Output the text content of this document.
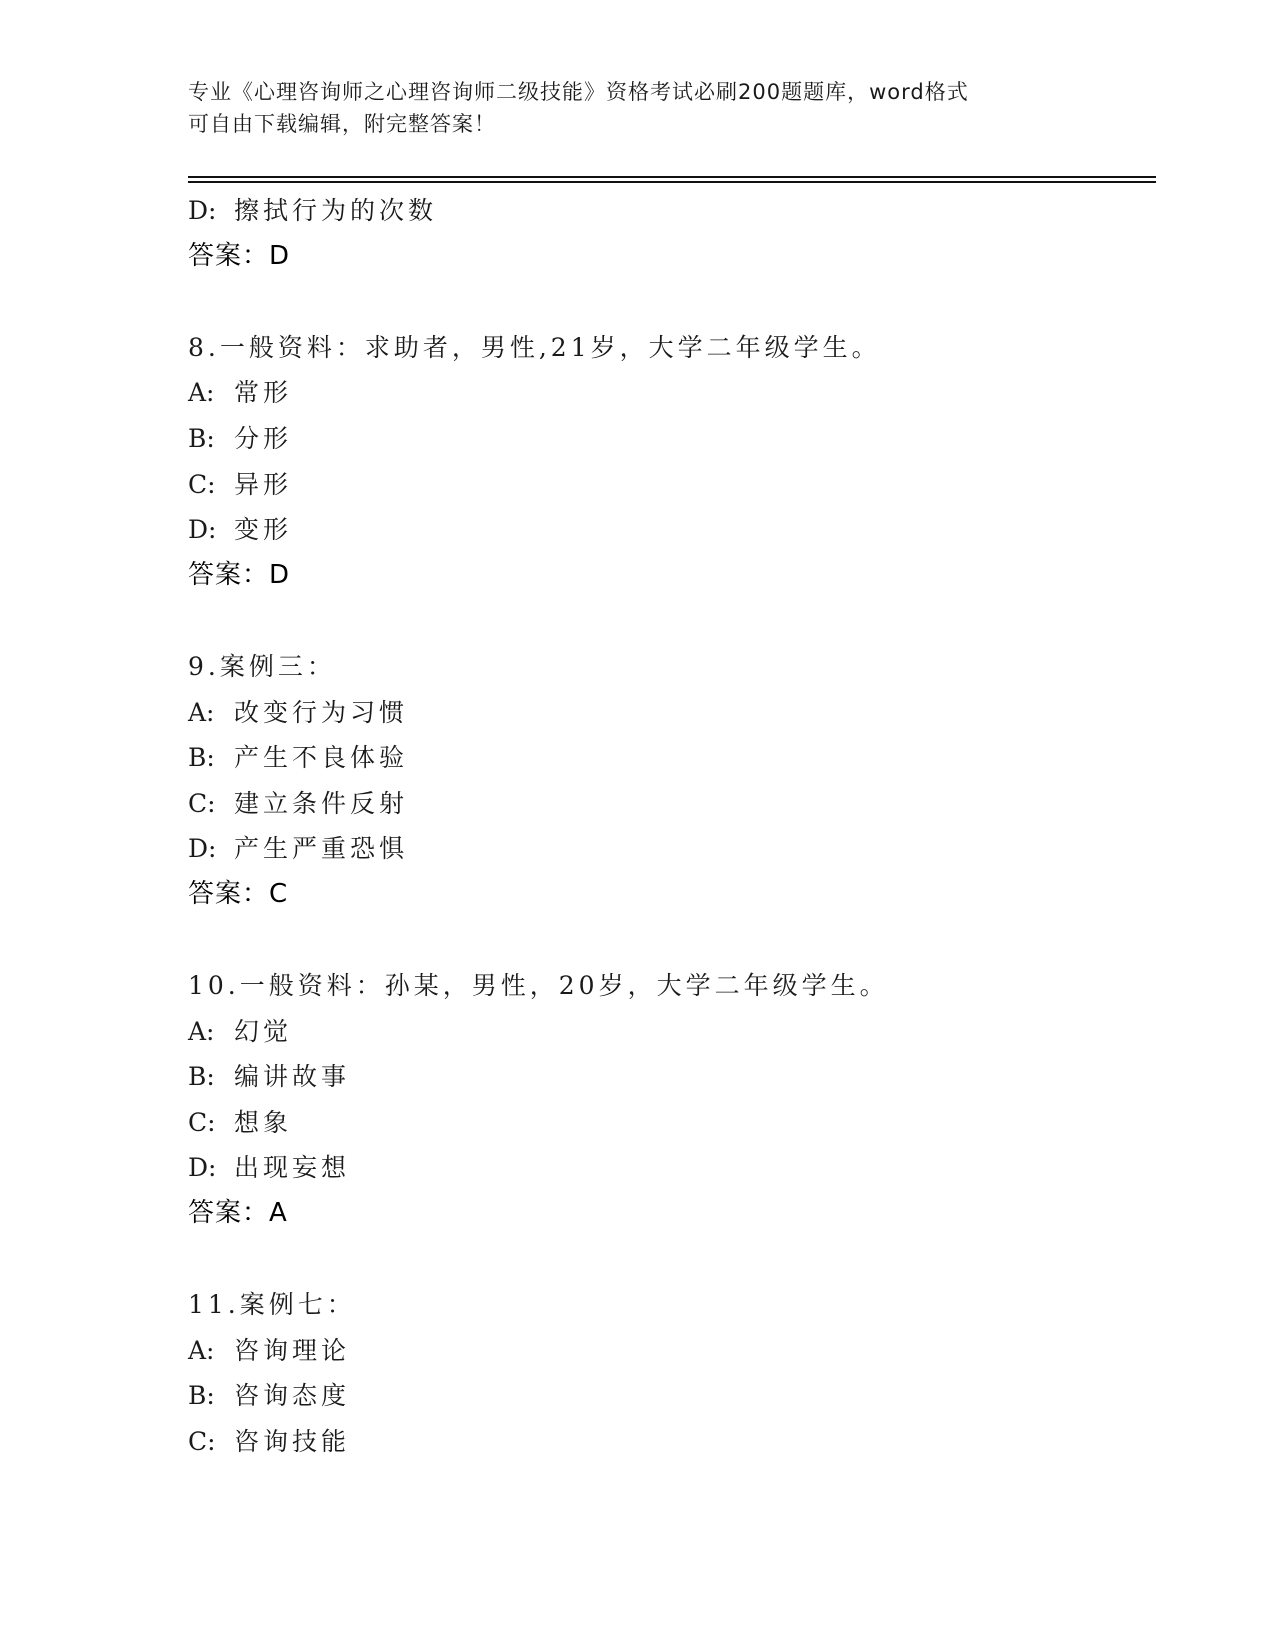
专业《心理咨询师之心理咨询师二级技能》资格考试必刷200题题库，word格式
可自由下载编辑，附完整答案！
D: 擦拭行为的次数
答案：D
8.一般资料：求助者，男性,21岁，大学二年级学生。
A: 常形
B: 分形
C: 异形
D: 变形
答案：D
9.案例三：
A: 改变行为习惯
B: 产生不良体验
C: 建立条件反射
D: 产生严重恐惧
答案：C
10.一般资料：孙某，男性，20岁，大学二年级学生。
A: 幻觉
B: 编讲故事
C: 想象
D: 出现妄想
答案：A
11.案例七：
A: 咨询理论
B: 咨询态度
C: 咨询技能
